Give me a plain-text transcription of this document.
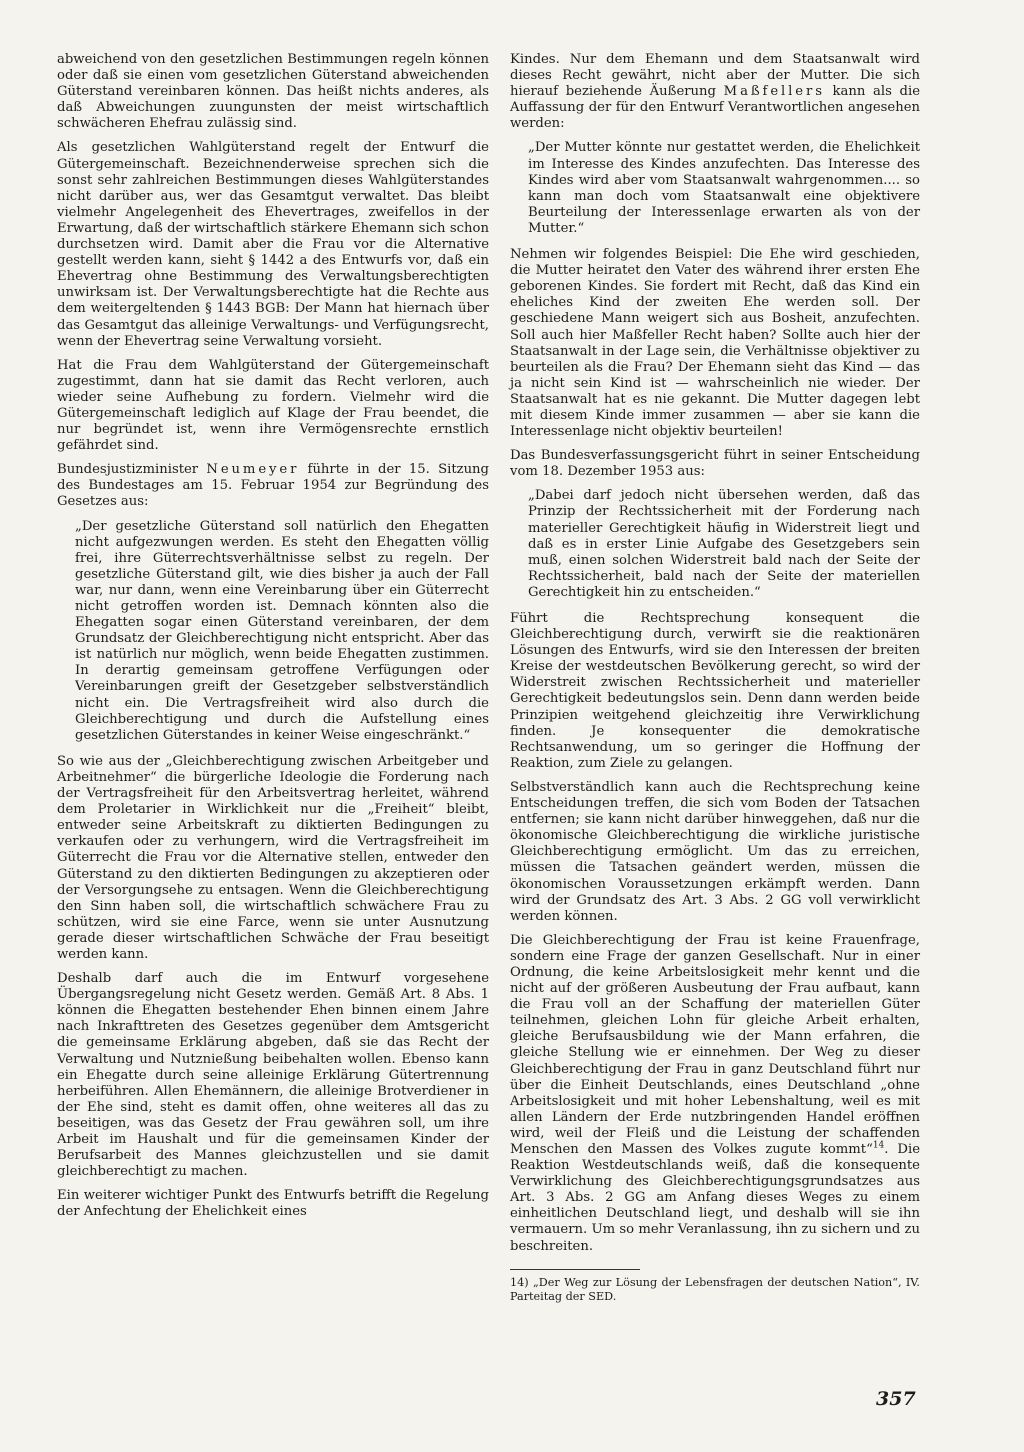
abweichend von den gesetzlichen Bestimmungen regeln können oder daß sie einen vom gesetzlichen Güterstand abweichenden Güterstand vereinbaren können. Das heißt nichts anderes, als daß Abweichungen zuungunsten der meist wirtschaftlich schwächeren Ehefrau zulässig sind.

Als gesetzlichen Wahlgüterstand regelt der Entwurf die Gütergemeinschaft. Bezeichnenderweise sprechen sich die sonst sehr zahlreichen Bestimmungen dieses Wahlgüterstandes nicht darüber aus, wer das Gesamtgut verwaltet. Das bleibt vielmehr Angelegenheit des Ehevertrages, zweifellos in der Erwartung, daß der wirtschaftlich stärkere Ehemann sich schon durchsetzen wird. Damit aber die Frau vor die Alternative gestellt werden kann, sieht § 1442 a des Entwurfs vor, daß ein Ehevertrag ohne Bestimmung des Verwaltungsberechtigten unwirksam ist. Der Verwaltungsberechtigte hat die Rechte aus dem weitergeltenden § 1443 BGB: Der Mann hat hiernach über das Gesamtgut das alleinige Verwaltungs- und Verfügungsrecht, wenn der Ehevertrag seine Verwaltung vorsieht.

Hat die Frau dem Wahlgüterstand der Gütergemeinschaft zugestimmt, dann hat sie damit das Recht verloren, auch wieder seine Aufhebung zu fordern. Vielmehr wird die Gütergemeinschaft lediglich auf Klage der Frau beendet, die nur begründet ist, wenn ihre Vermögensrechte ernstlich gefährdet sind.

Bundesjustizminister Neumeyer führte in der 15. Sitzung des Bundestages am 15. Februar 1954 zur Begründung des Gesetzes aus:

„Der gesetzliche Güterstand soll natürlich den Ehegatten nicht aufgezwungen werden. Es steht den Ehegatten völlig frei, ihre Güterrechtsverhältnisse selbst zu regeln. Der gesetzliche Güterstand gilt, wie dies bisher ja auch der Fall war, nur dann, wenn eine Vereinbarung über ein Güterrecht nicht getroffen worden ist. Demnach könnten also die Ehegatten sogar einen Güterstand vereinbaren, der dem Grundsatz der Gleichberechtigung nicht entspricht. Aber das ist natürlich nur möglich, wenn beide Ehegatten zustimmen. In derartig gemeinsam getroffene Verfügungen oder Vereinbarungen greift der Gesetzgeber selbstverständlich nicht ein. Die Vertragsfreiheit wird also durch die Gleichberechtigung und durch die Aufstellung eines gesetzlichen Güterstandes in keiner Weise eingeschränkt.“

So wie aus der „Gleichberechtigung zwischen Arbeitgeber und Arbeitnehmer“ die bürgerliche Ideologie die Forderung nach der Vertragsfreiheit für den Arbeitsvertrag herleitet, während dem Proletarier in Wirklichkeit nur die „Freiheit“ bleibt, entweder seine Arbeitskraft zu diktierten Bedingungen zu verkaufen oder zu verhungern, wird die Vertragsfreiheit im Güterrecht die Frau vor die Alternative stellen, entweder den Güterstand zu den diktierten Bedingungen zu akzeptieren oder der Versorgungsehe zu entsagen. Wenn die Gleichberechtigung den Sinn haben soll, die wirtschaftlich schwächere Frau zu schützen, wird sie eine Farce, wenn sie unter Ausnutzung gerade dieser wirtschaftlichen Schwäche der Frau beseitigt werden kann.

Deshalb darf auch die im Entwurf vorgesehene Übergangsregelung nicht Gesetz werden. Gemäß Art. 8 Abs. 1 können die Ehegatten bestehender Ehen binnen einem Jahre nach Inkrafttreten des Gesetzes gegenüber dem Amtsgericht die gemeinsame Erklärung abgeben, daß sie das Recht der Verwaltung und Nutznießung beibehalten wollen. Ebenso kann ein Ehegatte durch seine alleinige Erklärung Gütertrennung herbeiführen. Allen Ehemännern, die alleinige Brotverdiener in der Ehe sind, steht es damit offen, ohne weiteres all das zu beseitigen, was das Gesetz der Frau gewähren soll, um ihre Arbeit im Haushalt und für die gemeinsamen Kinder der Berufsarbeit des Mannes gleichzustellen und sie damit gleichberechtigt zu machen.

Ein weiterer wichtiger Punkt des Entwurfs betrifft die Regelung der Anfechtung der Ehelichkeit eines

Kindes. Nur dem Ehemann und dem Staatsanwalt wird dieses Recht gewährt, nicht aber der Mutter. Die sich hierauf beziehende Äußerung Maßfellers kann als die Auffassung der für den Entwurf Verantwortlichen angesehen werden:

„Der Mutter könnte nur gestattet werden, die Ehelichkeit im Interesse des Kindes anzufechten. Das Interesse des Kindes wird aber vom Staatsanwalt wahrgenommen.... so kann man doch vom Staatsanwalt eine objektivere Beurteilung der Interessenlage erwarten als von der Mutter.“

Nehmen wir folgendes Beispiel: Die Ehe wird geschieden, die Mutter heiratet den Vater des während ihrer ersten Ehe geborenen Kindes. Sie fordert mit Recht, daß das Kind ein eheliches Kind der zweiten Ehe werden soll. Der geschiedene Mann weigert sich aus Bosheit, anzufechten. Soll auch hier Maßfeller Recht haben? Sollte auch hier der Staatsanwalt in der Lage sein, die Verhältnisse objektiver zu beurteilen als die Frau? Der Ehemann sieht das Kind — das ja nicht sein Kind ist — wahrscheinlich nie wieder. Der Staatsanwalt hat es nie gekannt. Die Mutter dagegen lebt mit diesem Kinde immer zusammen — aber sie kann die Interessenlage nicht objektiv beurteilen!

Das Bundesverfassungsgericht führt in seiner Entscheidung vom 18. Dezember 1953 aus:

„Dabei darf jedoch nicht übersehen werden, daß das Prinzip der Rechtssicherheit mit der Forderung nach materieller Gerechtigkeit häufig in Widerstreit liegt und daß es in erster Linie Aufgabe des Gesetzgebers sein muß, einen solchen Widerstreit bald nach der Seite der Rechtssicherheit, bald nach der Seite der materiellen Gerechtigkeit hin zu entscheiden.“

Führt die Rechtsprechung konsequent die Gleichberechtigung durch, verwirft sie die reaktionären Lösungen des Entwurfs, wird sie den Interessen der breiten Kreise der westdeutschen Bevölkerung gerecht, so wird der Widerstreit zwischen Rechtssicherheit und materieller Gerechtigkeit bedeutungslos sein. Denn dann werden beide Prinzipien weitgehend gleichzeitig ihre Verwirklichung finden. Je konsequenter die demokratische Rechtsanwendung, um so geringer die Hoffnung der Reaktion, zum Ziele zu gelangen.

Selbstverständlich kann auch die Rechtsprechung keine Entscheidungen treffen, die sich vom Boden der Tatsachen entfernen; sie kann nicht darüber hinweggehen, daß nur die ökonomische Gleichberechtigung die wirkliche juristische Gleichberechtigung ermöglicht. Um das zu erreichen, müssen die Tatsachen geändert werden, müssen die ökonomischen Voraussetzungen erkämpft werden. Dann wird der Grundsatz des Art. 3 Abs. 2 GG voll verwirklicht werden können.

Die Gleichberechtigung der Frau ist keine Frauenfrage, sondern eine Frage der ganzen Gesellschaft. Nur in einer Ordnung, die keine Arbeitslosigkeit mehr kennt und die nicht auf der größeren Ausbeutung der Frau aufbaut, kann die Frau voll an der Schaffung der materiellen Güter teilnehmen, gleichen Lohn für gleiche Arbeit erhalten, gleiche Berufsausbildung wie der Mann erfahren, die gleiche Stellung wie er einnehmen. Der Weg zu dieser Gleichberechtigung der Frau in ganz Deutschland führt nur über die Einheit Deutschlands, eines Deutschland „ohne Arbeitslosigkeit und mit hoher Lebenshaltung, weil es mit allen Ländern der Erde nutzbringenden Handel eröffnen wird, weil der Fleiß und die Leistung der schaffenden Menschen den Massen des Volkes zugute kommt“$^{14}$. Die Reaktion Westdeutschlands weiß, daß die konsequente Verwirklichung des Gleichberechtigungsgrundsatzes aus Art. 3 Abs. 2 GG am Anfang dieses Weges zu einem einheitlichen Deutschland liegt, und deshalb will sie ihn vermauern. Um so mehr Veranlassung, ihn zu sichern und zu beschreiten.

14) „Der Weg zur Lösung der Lebensfragen der deutschen Nation“, IV. Parteitag der SED.

357
